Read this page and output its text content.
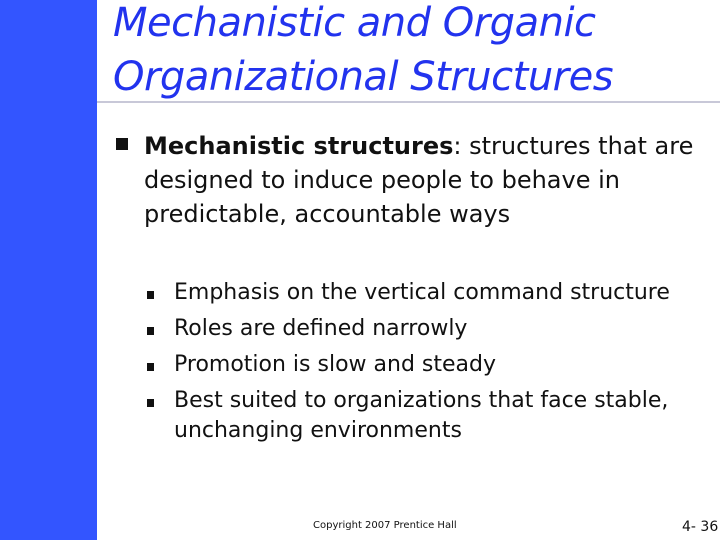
Mechanistic and Organic
Organizational Structures
Mechanistic structures: structures that are designed to induce people to behave in predictable, accountable ways
Emphasis on the vertical command structure
Roles are defined narrowly
Promotion is slow and steady
Best suited to organizations that face stable, unchanging environments
Copyright 2007 Prentice Hall	4- 36
